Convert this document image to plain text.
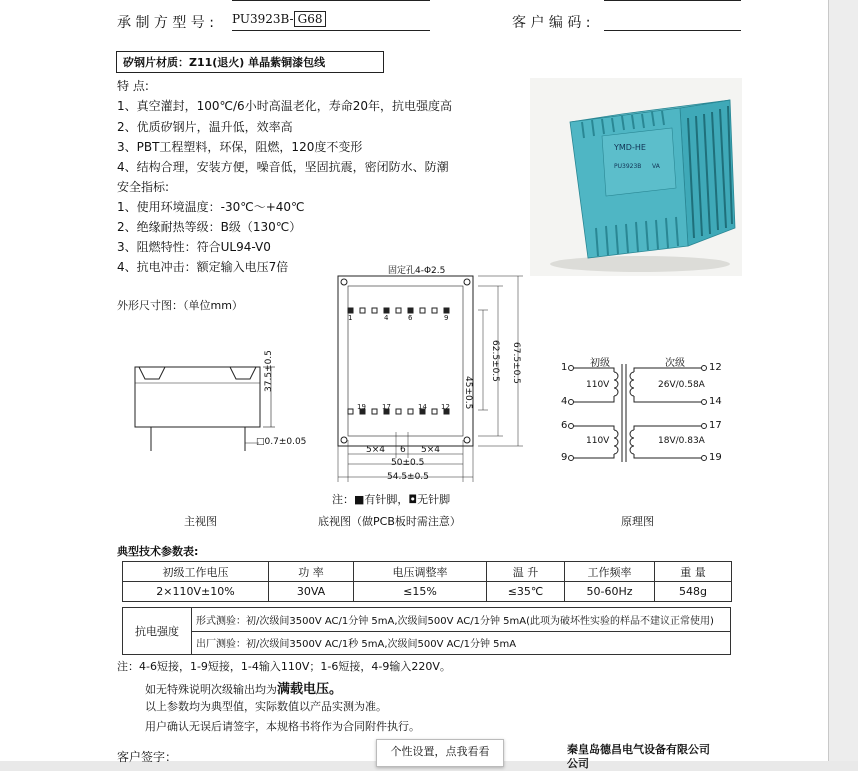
承 制 方 型 号 : PU3923B- G68	客 户 编 码 :
矽钢片材质：Z11(退火) 单晶紫铜漆包线
特 点:
1、真空灌封，100℃/6小时高温老化，寿命20年，抗电强度高
2、优质矽钢片，温升低，效率高
3、PBT工程塑料，环保，阻燃，120度不变形
4、结构合理，安装方便，噪音低，坚固抗震，密闭防水、防潮
安全指标:
1、使用环境温度：-30℃～+40℃
2、绝缘耐热等级：B级（130℃）
3、阻燃特性：符合UL94-V0
4、抗电冲击：额定输入电压7倍
YMD-HE
PU3923B VA
外形尺寸图：（单位mm）
37.5±0.5
□0.7±0.05
主视图
固定孔4-Φ2.5
1	4	6	9
19 17	14 12 45±0.5
62.5±0.5 67.5±0.5
5×4 6 5×4
50±0.5
54.5±0.5
注：■有针脚，◘无针脚
底视图（做PCB板时需注意）
初级	次级
1
4
6
9
12
14
17
19
110V
110V
26V/0.58A
18V/0.83A
原理图
典型技术参数表:
初级工作电压	功 率	电压调整率	温 升	工作频率	重 量
2×110V±10%	30VA	≤15%	≤35℃	50-60Hz	548g
抗电强度	形式测验：初/次级间3500V AC/1分钟 5mA,次级间500V AC/1分钟 5mA(此项为破坏性实验的样品不建议正常使用)
出厂测验：初/次级间3500V AC/1秒 5mA,次级间500V AC/1分钟 5mA
注：4-6短接，1-9短接，1-4输入110V；1-6短接，4-9输入220V。
如无特殊说明次级输出均为满载电压。
以上参数均为典型值，实际数值以产品实测为准。
用户确认无误后请签字，本规格书将作为合同附件执行。
客户签字：
秦皇岛德昌电气设备有限公司
公司
个性设置，点我看看
